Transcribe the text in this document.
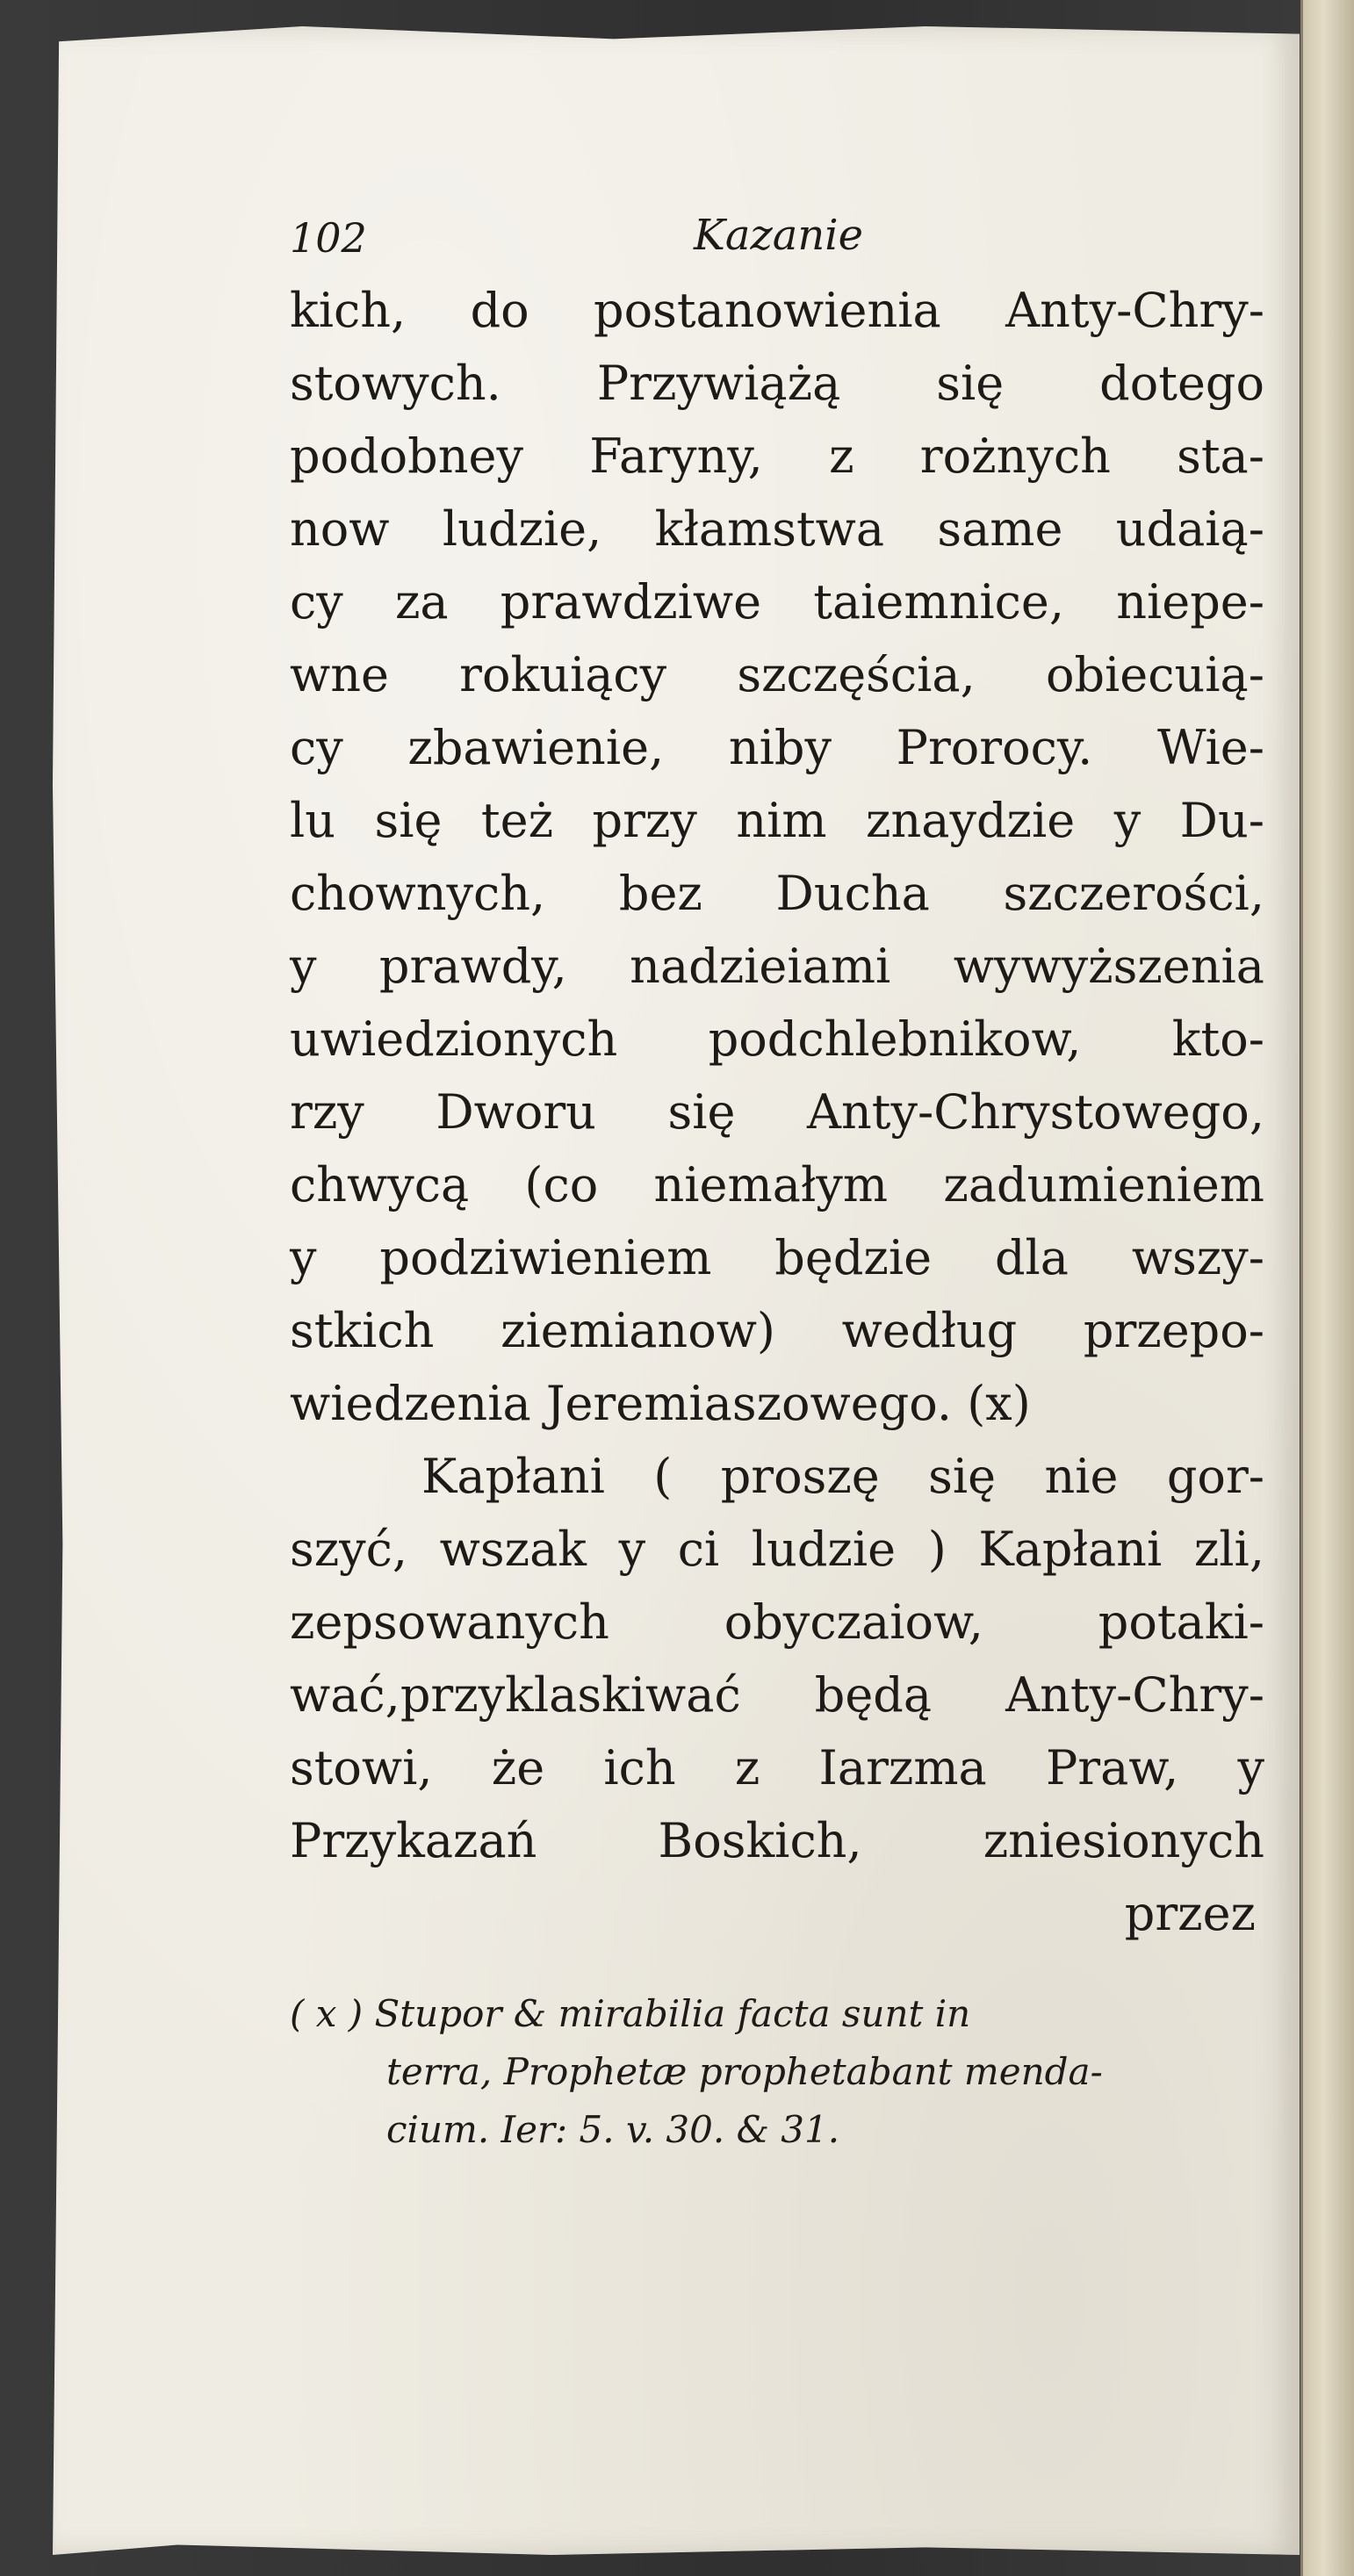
102	Kazanie
kich, do postanowienia Anty-Chry-
stowych. Przywiążą się dotego
podobney Faryny, z rożnych sta-
now ludzie, kłamstwa same udaią-
cy za prawdziwe taiemnice, niepe-
wne rokuiący szczęścia, obiecuią-
cy zbawienie, niby Prorocy. Wie-
lu się też przy nim znaydzie y Du-
chownych, bez Ducha szczerości,
y prawdy, nadzieiami wywyższenia
uwiedzionych podchlebnikow, kto-
rzy Dworu się Anty-Chrystowego,
chwycą (co niemałym zadumieniem
y podziwieniem będzie dla wszy-
stkich ziemianow) według przepo-
wiedzenia Jeremiaszowego. (x)
Kapłani ( proszę się nie gor-
szyć, wszak y ci ludzie ) Kapłani zli,
zepsowanych obyczaiow, potaki-
wać,przyklaskiwać będą Anty-Chry-
stowi, że ich z Iarzma Praw, y
Przykazań Boskich, zniesionych
przez
( x ) Stupor & mirabilia facta sunt in
terra, Prophetæ prophetabant menda-
cium. Ier: 5. v. 30. & 31.
